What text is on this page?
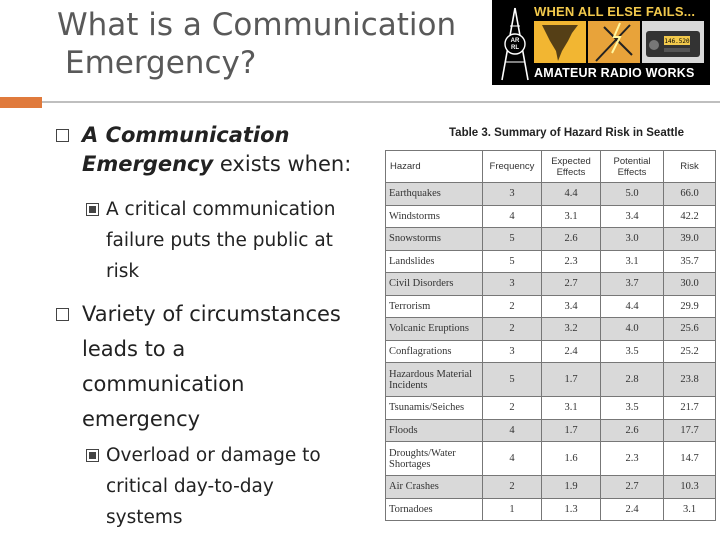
What is a Communication
Emergency?
AR
RL
WHEN ALL ELSE FAILS...
146.520
AMATEUR RADIO WORKS
A Communication
Emergency exists when:
A critical communication
failure puts the public at
risk
Variety of circumstances
leads to a
communication
emergency
Overload or damage to
critical day-to-day
systems
Table 3. Summary of Hazard Risk in Seattle
Hazard	Frequency	Expected Effects	Potential Effects	Risk
Earthquakes	3	4.4	5.0	66.0
Windstorms	4	3.1	3.4	42.2
Snowstorms	5	2.6	3.0	39.0
Landslides	5	2.3	3.1	35.7
Civil Disorders	3	2.7	3.7	30.0
Terrorism	2	3.4	4.4	29.9
Volcanic Eruptions	2	3.2	4.0	25.6
Conflagrations	3	2.4	3.5	25.2
Hazardous Material Incidents	5	1.7	2.8	23.8
Tsunamis/Seiches	2	3.1	3.5	21.7
Floods	4	1.7	2.6	17.7
Droughts/Water Shortages	4	1.6	2.3	14.7
Air Crashes	2	1.9	2.7	10.3
Tornadoes	1	1.3	2.4	3.1
